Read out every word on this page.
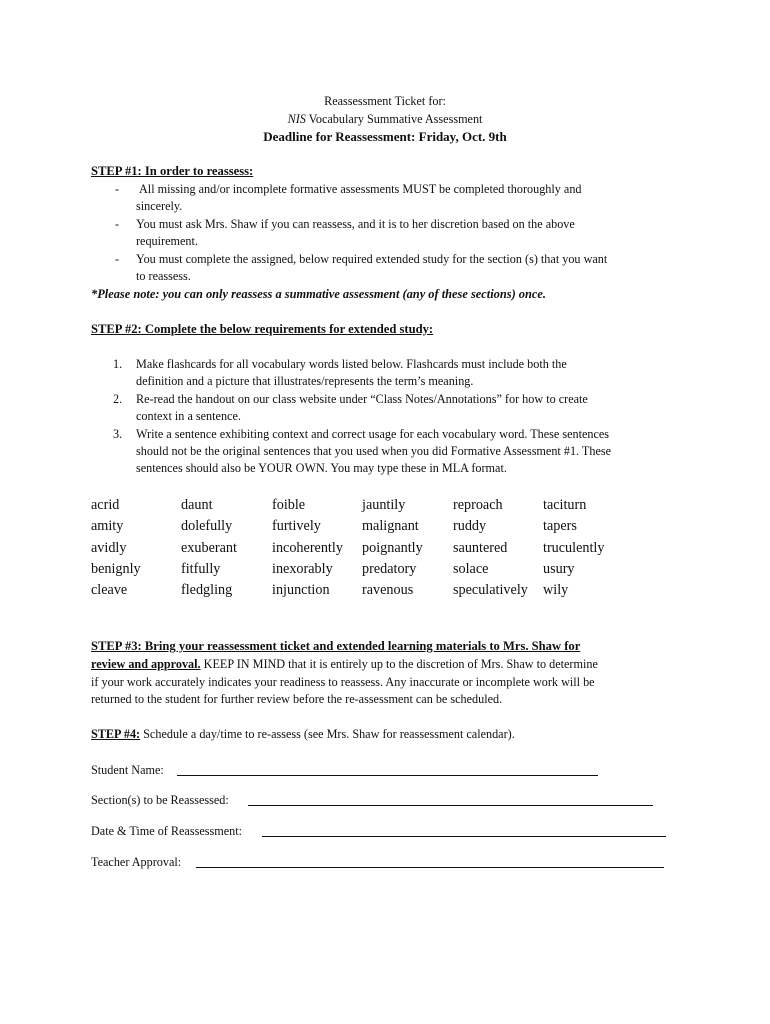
Reassessment Ticket for:
NIS Vocabulary Summative Assessment
Deadline for Reassessment: Friday, Oct. 9th
STEP #1: In order to reassess:
- All missing and/or incomplete formative assessments MUST be completed thoroughly and
sincerely.
- You must ask Mrs. Shaw if you can reassess, and it is to her discretion based on the above
requirement.
- You must complete the assigned, below required extended study for the section (s) that you want
to reassess.
*Please note: you can only reassess a summative assessment (any of these sections) once.
STEP #2: Complete the below requirements for extended study:
1. Make flashcards for all vocabulary words listed below. Flashcards must include both the
definition and a picture that illustrates/represents the term’s meaning.
2. Re-read the handout on our class website under “Class Notes/Annotations” for how to create
context in a sentence.
3. Write a sentence exhibiting context and correct usage for each vocabulary word. These sentences
should not be the original sentences that you used when you did Formative Assessment #1. These
sentences should also be YOUR OWN. You may type these in MLA format.
acrid
amity
avidly
benignly
cleave
daunt
dolefully
exuberant
fitfully
fledgling
foible
furtively
incoherently
inexorably
injunction
jauntily
malignant
poignantly
predatory
ravenous
reproach
ruddy
sauntered
solace
speculatively
taciturn
tapers
truculently
usury
wily
STEP #3: Bring your reassessment ticket and extended learning materials to Mrs. Shaw for
review and approval. KEEP IN MIND that it is entirely up to the discretion of Mrs. Shaw to determine
if your work accurately indicates your readiness to reassess. Any inaccurate or incomplete work will be
returned to the student for further review before the re-assessment can be scheduled.
STEP #4: Schedule a day/time to re-assess (see Mrs. Shaw for reassessment calendar).
Student Name:
Section(s) to be Reassessed:
Date & Time of Reassessment:
Teacher Approval:
